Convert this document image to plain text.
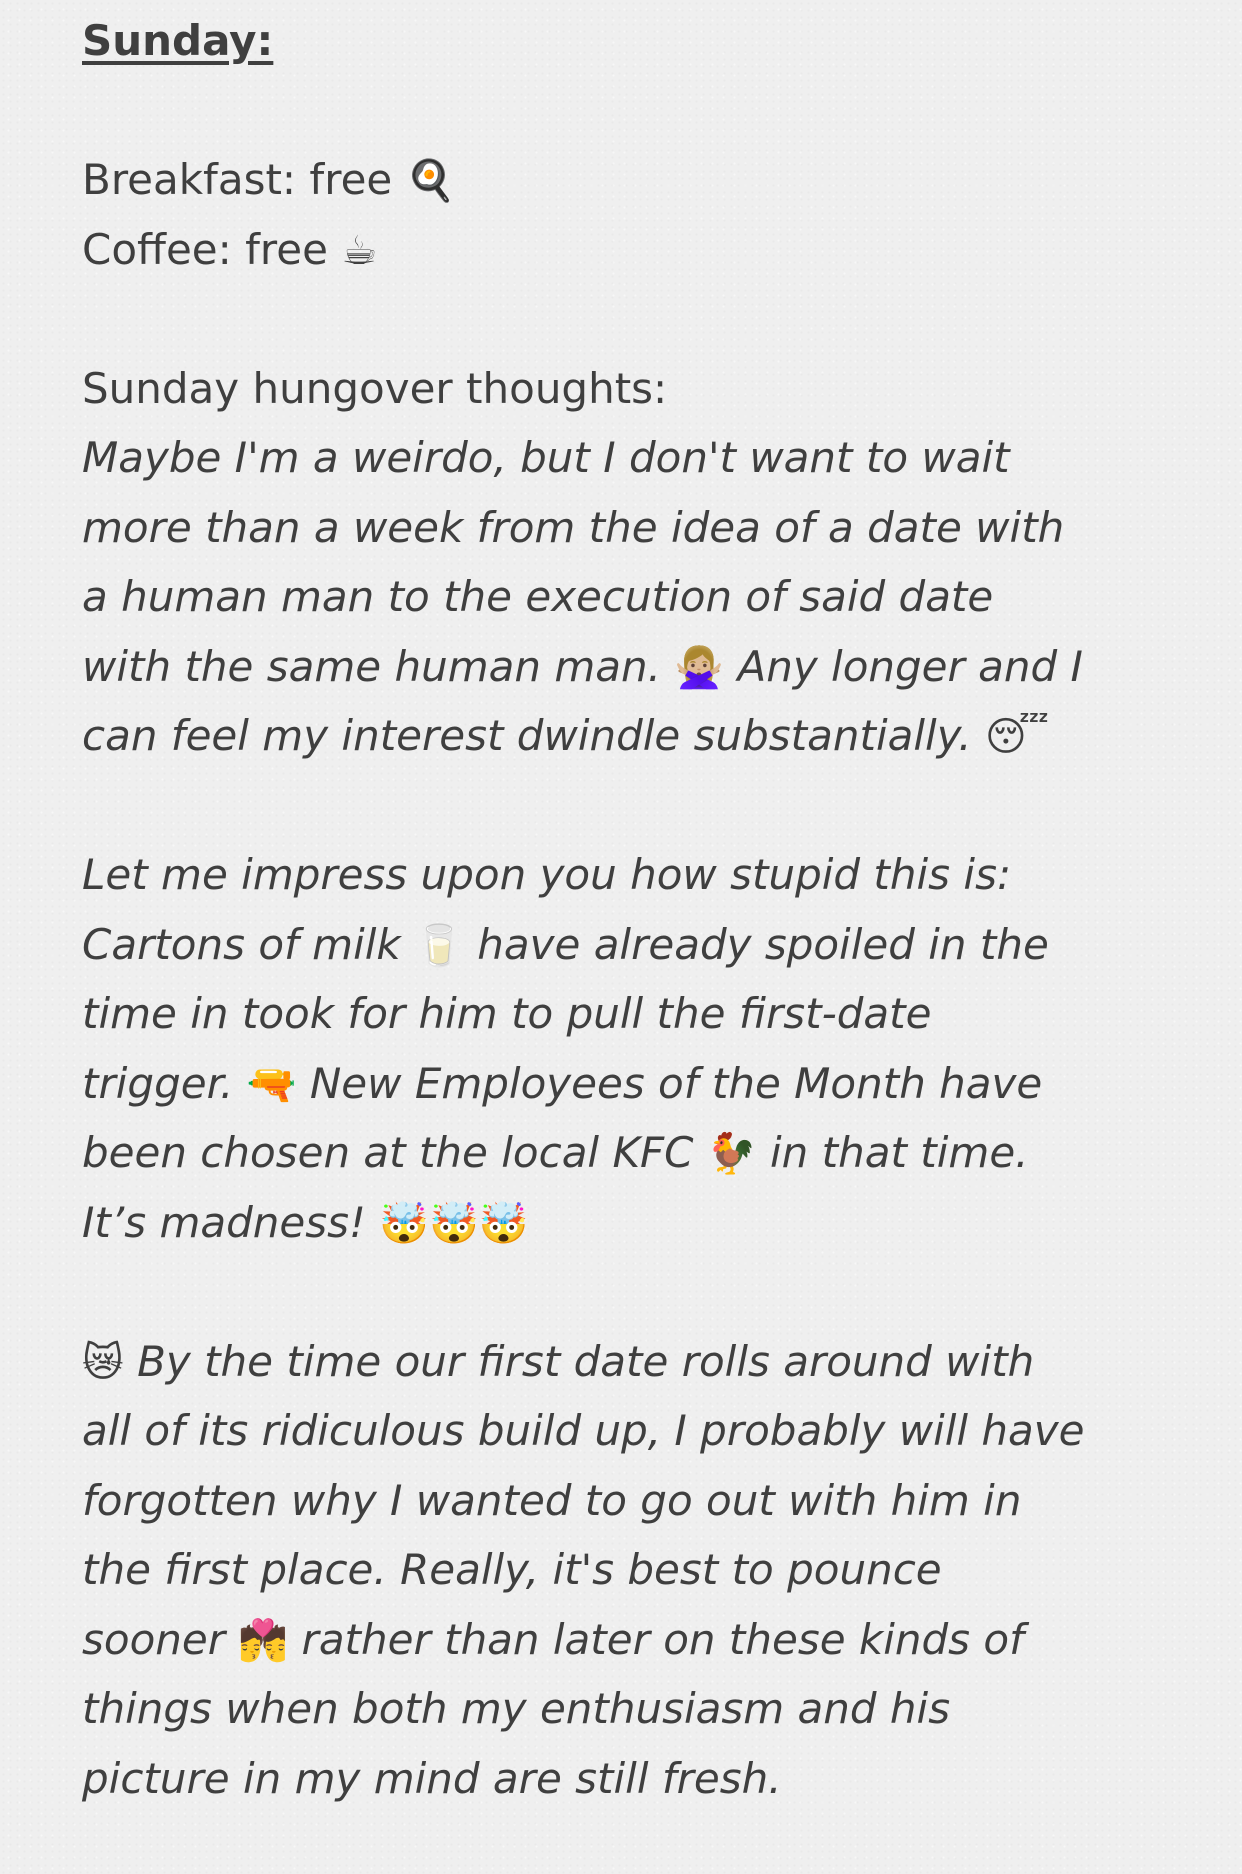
Sunday:
Breakfast: free 🍳
Coffee: free ☕
Sunday hungover thoughts:
Maybe I'm a weirdo, but I don't want to wait
more than a week from the idea of a date with
a human man to the execution of said date
with the same human man. 🙅🏼‍♀️ Any longer and I
can feel my interest dwindle substantially. 😴
Let me impress upon you how stupid this is:
Cartons of milk 🥛 have already spoiled in the
time in took for him to pull the first-date
trigger. 🔫 New Employees of the Month have
been chosen at the local KFC 🐓 in that time.
It’s madness! 🤯🤯🤯
😿 By the time our first date rolls around with
all of its ridiculous build up, I probably will have
forgotten why I wanted to go out with him in
the first place. Really, it's best to pounce
sooner 💏 rather than later on these kinds of
things when both my enthusiasm and his
picture in my mind are still fresh.
